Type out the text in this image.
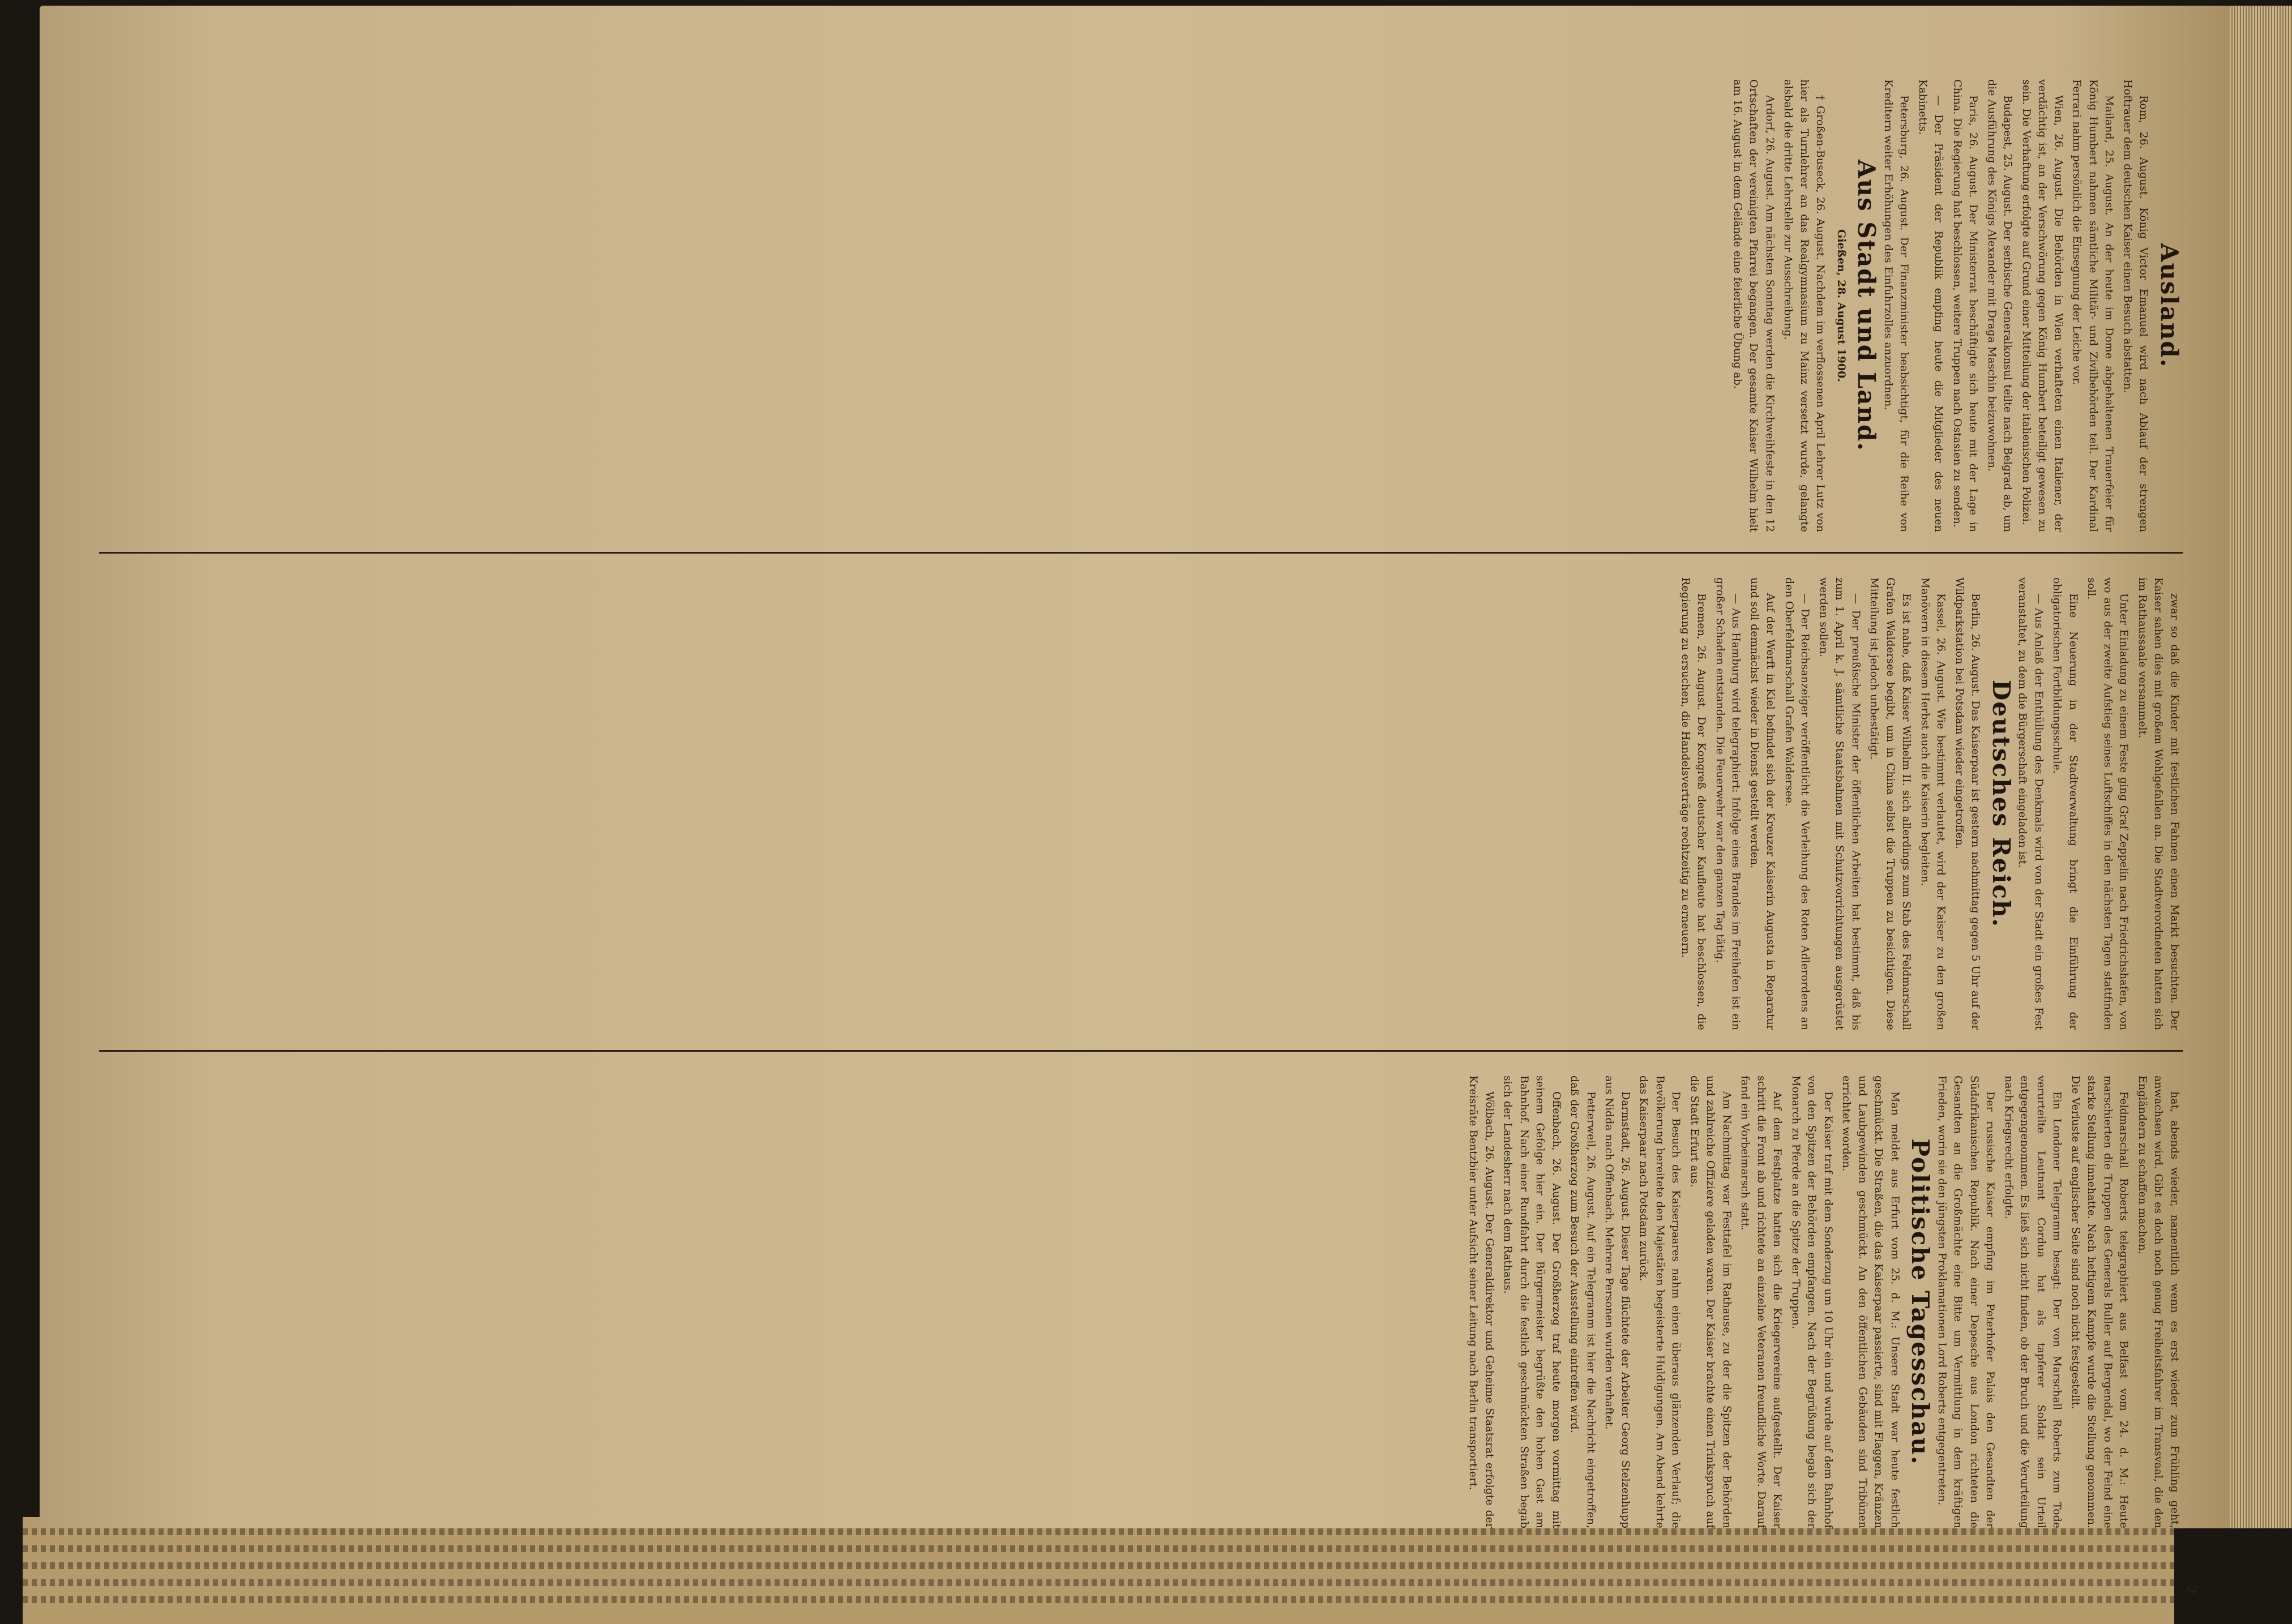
Ausland.

Rom, 26. August. König Victor Emanuel wird nach Ablauf der strengen Hoftrauer dem deutschen Kaiser einen Besuch abstatten.

Mailand, 25. August. An der heute im Dome abgehaltenen Trauerfeier für König Humbert nahmen sämtliche Militär- und Zivilbehörden teil. Der Kardinal Ferrari nahm persönlich die Einsegnung der Leiche vor.

Wien, 26. August. Die Behörden in Wien verhafteten einen Italiener, der verdächtig ist, an der Verschwörung gegen König Humbert beteiligt gewesen zu sein. Die Verhaftung erfolgte auf Grund einer Mitteilung der italienischen Polizei.

Budapest, 25. August. Der serbische Generalkonsul teilte nach Belgrad ab, um die Ausführung des Königs Alexander mit Draga Maschin beizuwohnen.

Paris, 26. August. Der Ministerrat beschäftigte sich heute mit der Lage in China. Die Regierung hat beschlossen, weitere Truppen nach Ostasien zu senden.

— Der Präsident der Republik empfing heute die Mitglieder des neuen Kabinetts.

Petersburg, 26. August. Der Finanzminister beabsichtigt, für die Reihe von Kreditern weiter Erhöhungen des Einfuhrzolles anzuordnen.

Aus Stadt und Land.
Gießen, 28. August 1900.

† Großen-Buseck, 26. August. Nachdem im verflossenen April Lehrer Lutz von hier als Turnlehrer an das Realgymnasium zu Mainz versetzt wurde, gelangte alsbald die dritte Lehrstelle zur Ausschreibung.

Ardorf, 26. August. Am nächsten Sonntag werden die Kirchweihfeste in den 12 Ortschaften der vereinigten Pfarrei begangen. Der gesamte Kaiser Wilhelm hielt am 16. August in dem Gelände eine feierliche Übung ab.

zwar so daß die Kinder mit festlichen Fahnen einen Markt besuchten. Der Kaiser sahen dies mit großem Wohlgefallen an. Die Stadtverordneten hatten sich im Rathaussaale versammelt.

Unter Einladung zu einem Feste ging Graf Zeppelin nach Friedrichshafen, von wo aus der zweite Aufstieg seines Luftschiffes in den nächsten Tagen stattfinden soll.

Eine Neuerung in der Stadtverwaltung bringt die Einführung der obligatorischen Fortbildungsschule.

— Aus Anlaß der Enthüllung des Denkmals wird von der Stadt ein großes Fest veranstaltet, zu dem die Bürgerschaft eingeladen ist.

Deutsches Reich.

Berlin, 26. August. Das Kaiserpaar ist gestern nachmittag gegen 5 Uhr auf der Wildparkstation bei Potsdam wieder eingetroffen.

Kassel, 26. August. Wie bestimmt verlautet, wird der Kaiser zu den großen Manövern in diesem Herbst auch die Kaiserin begleiten.

Es ist nahe, daß Kaiser Wilhelm II. sich allerdings zum Stab des Feldmarschall Grafen Waldersee begibt, um in China selbst die Truppen zu besichtigen. Diese Mitteilung ist jedoch unbestätigt.

— Der preußische Minister der öffentlichen Arbeiten hat bestimmt, daß bis zum 1. April k. J. sämtliche Staatsbahnen mit Schutzvorrichtungen ausgerüstet werden sollen.

— Der Reichsanzeiger veröffentlicht die Verleihung des Roten Adlerordens an den Oberfeldmarschall Grafen Waldersee.

Auf der Werft in Kiel befindet sich der Kreuzer Kaiserin Augusta in Reparatur und soll demnächst wieder in Dienst gestellt werden.

— Aus Hamburg wird telegraphiert: Infolge eines Brandes im Freihafen ist ein großer Schaden entstanden. Die Feuerwehr war den ganzen Tag tätig.

Bremen, 26. August. Der Kongreß deutscher Kaufleute hat beschlossen, die Regierung zu ersuchen, die Handelsverträge rechtzeitig zu erneuern.

hat, abends wieder, namentlich wenn es erst wieder zum Frühling geht, anwachsen wird. Gibt es doch noch genug Freiheitsfahrer im Transvaal, die den Engländern zu schaffen machen.

Feldmarschall Roberts telegraphiert aus Belfast vom 24. d. M.: Heute marschierten die Truppen des Generals Buller auf Bergendal, wo der Feind eine starke Stellung innehatte. Nach heftigem Kampfe wurde die Stellung genommen. Die Verluste auf englischer Seite sind noch nicht festgestellt.

Ein Londoner Telegramm besagt: Der von Marschall Roberts zum Tode verurteilte Leutnant Cordua hat als tapferer Soldat sein Urteil entgegengenommen. Es ließ sich nicht finden, ob der Bruch und die Verurteilung nach Kriegsrecht erfolgte.

Der russische Kaiser empfing im Peterhofer Palais den Gesandten der Südafrikanischen Republik. Nach einer Depesche aus London richteten die Gesandten an die Großmächte eine Bitte um Vermittlung in dem kräftigen Frieden, worin sie den jüngsten Proklamationen Lord Roberts entgegentreten.

Politische Tagesschau.

Man meldet aus Erfurt vom 25. d. M.: Unsere Stadt war heute festlich geschmückt. Die Straßen, die das Kaiserpaar passierte, sind mit Flaggen, Kränzen und Laubgewinden geschmückt. An den öffentlichen Gebäuden sind Tribünen errichtet worden.

Der Kaiser traf mit dem Sonderzug um 10 Uhr ein und wurde auf dem Bahnhof von den Spitzen der Behörden empfangen. Nach der Begrüßung begab sich der Monarch zu Pferde an die Spitze der Truppen.

Auf dem Festplatze hatten sich die Kriegervereine aufgestellt. Der Kaiser schritt die Front ab und richtete an einzelne Veteranen freundliche Worte. Darauf fand ein Vorbeimarsch statt.

Am Nachmittag war Festtafel im Rathause, zu der die Spitzen der Behörden und zahlreiche Offiziere geladen waren. Der Kaiser brachte einen Trinkspruch auf die Stadt Erfurt aus.

Der Besuch des Kaiserpaares nahm einen überaus glänzenden Verlauf; die Bevölkerung bereitete den Majestäten begeisterte Huldigungen. Am Abend kehrte das Kaiserpaar nach Potsdam zurück.

Darmstadt, 26. August. Dieser Tage flüchtete der Arbeiter Georg Stelzenhupp aus Nidda nach Offenbach. Mehrere Personen wurden verhaftet.

Petterweil, 26. August. Auf ein Telegramm ist hier die Nachricht eingetroffen, daß der Großherzog zum Besuch der Ausstellung eintreffen wird.

Offenbach, 26. August. Der Großherzog traf heute morgen vormittag mit seinem Gefolge hier ein. Der Bürgermeister begrüßte den hohen Gast am Bahnhof. Nach einer Rundfahrt durch die festlich geschmückten Straßen begab sich der Landesherr nach dem Rathaus.

Wölbach, 26. August. Der Generaldirektor und Geheime Staatsrat erfolgte der Kreisräte Bentzbier unter Aufsicht seiner Leitung nach Berlin transportiert.

2
